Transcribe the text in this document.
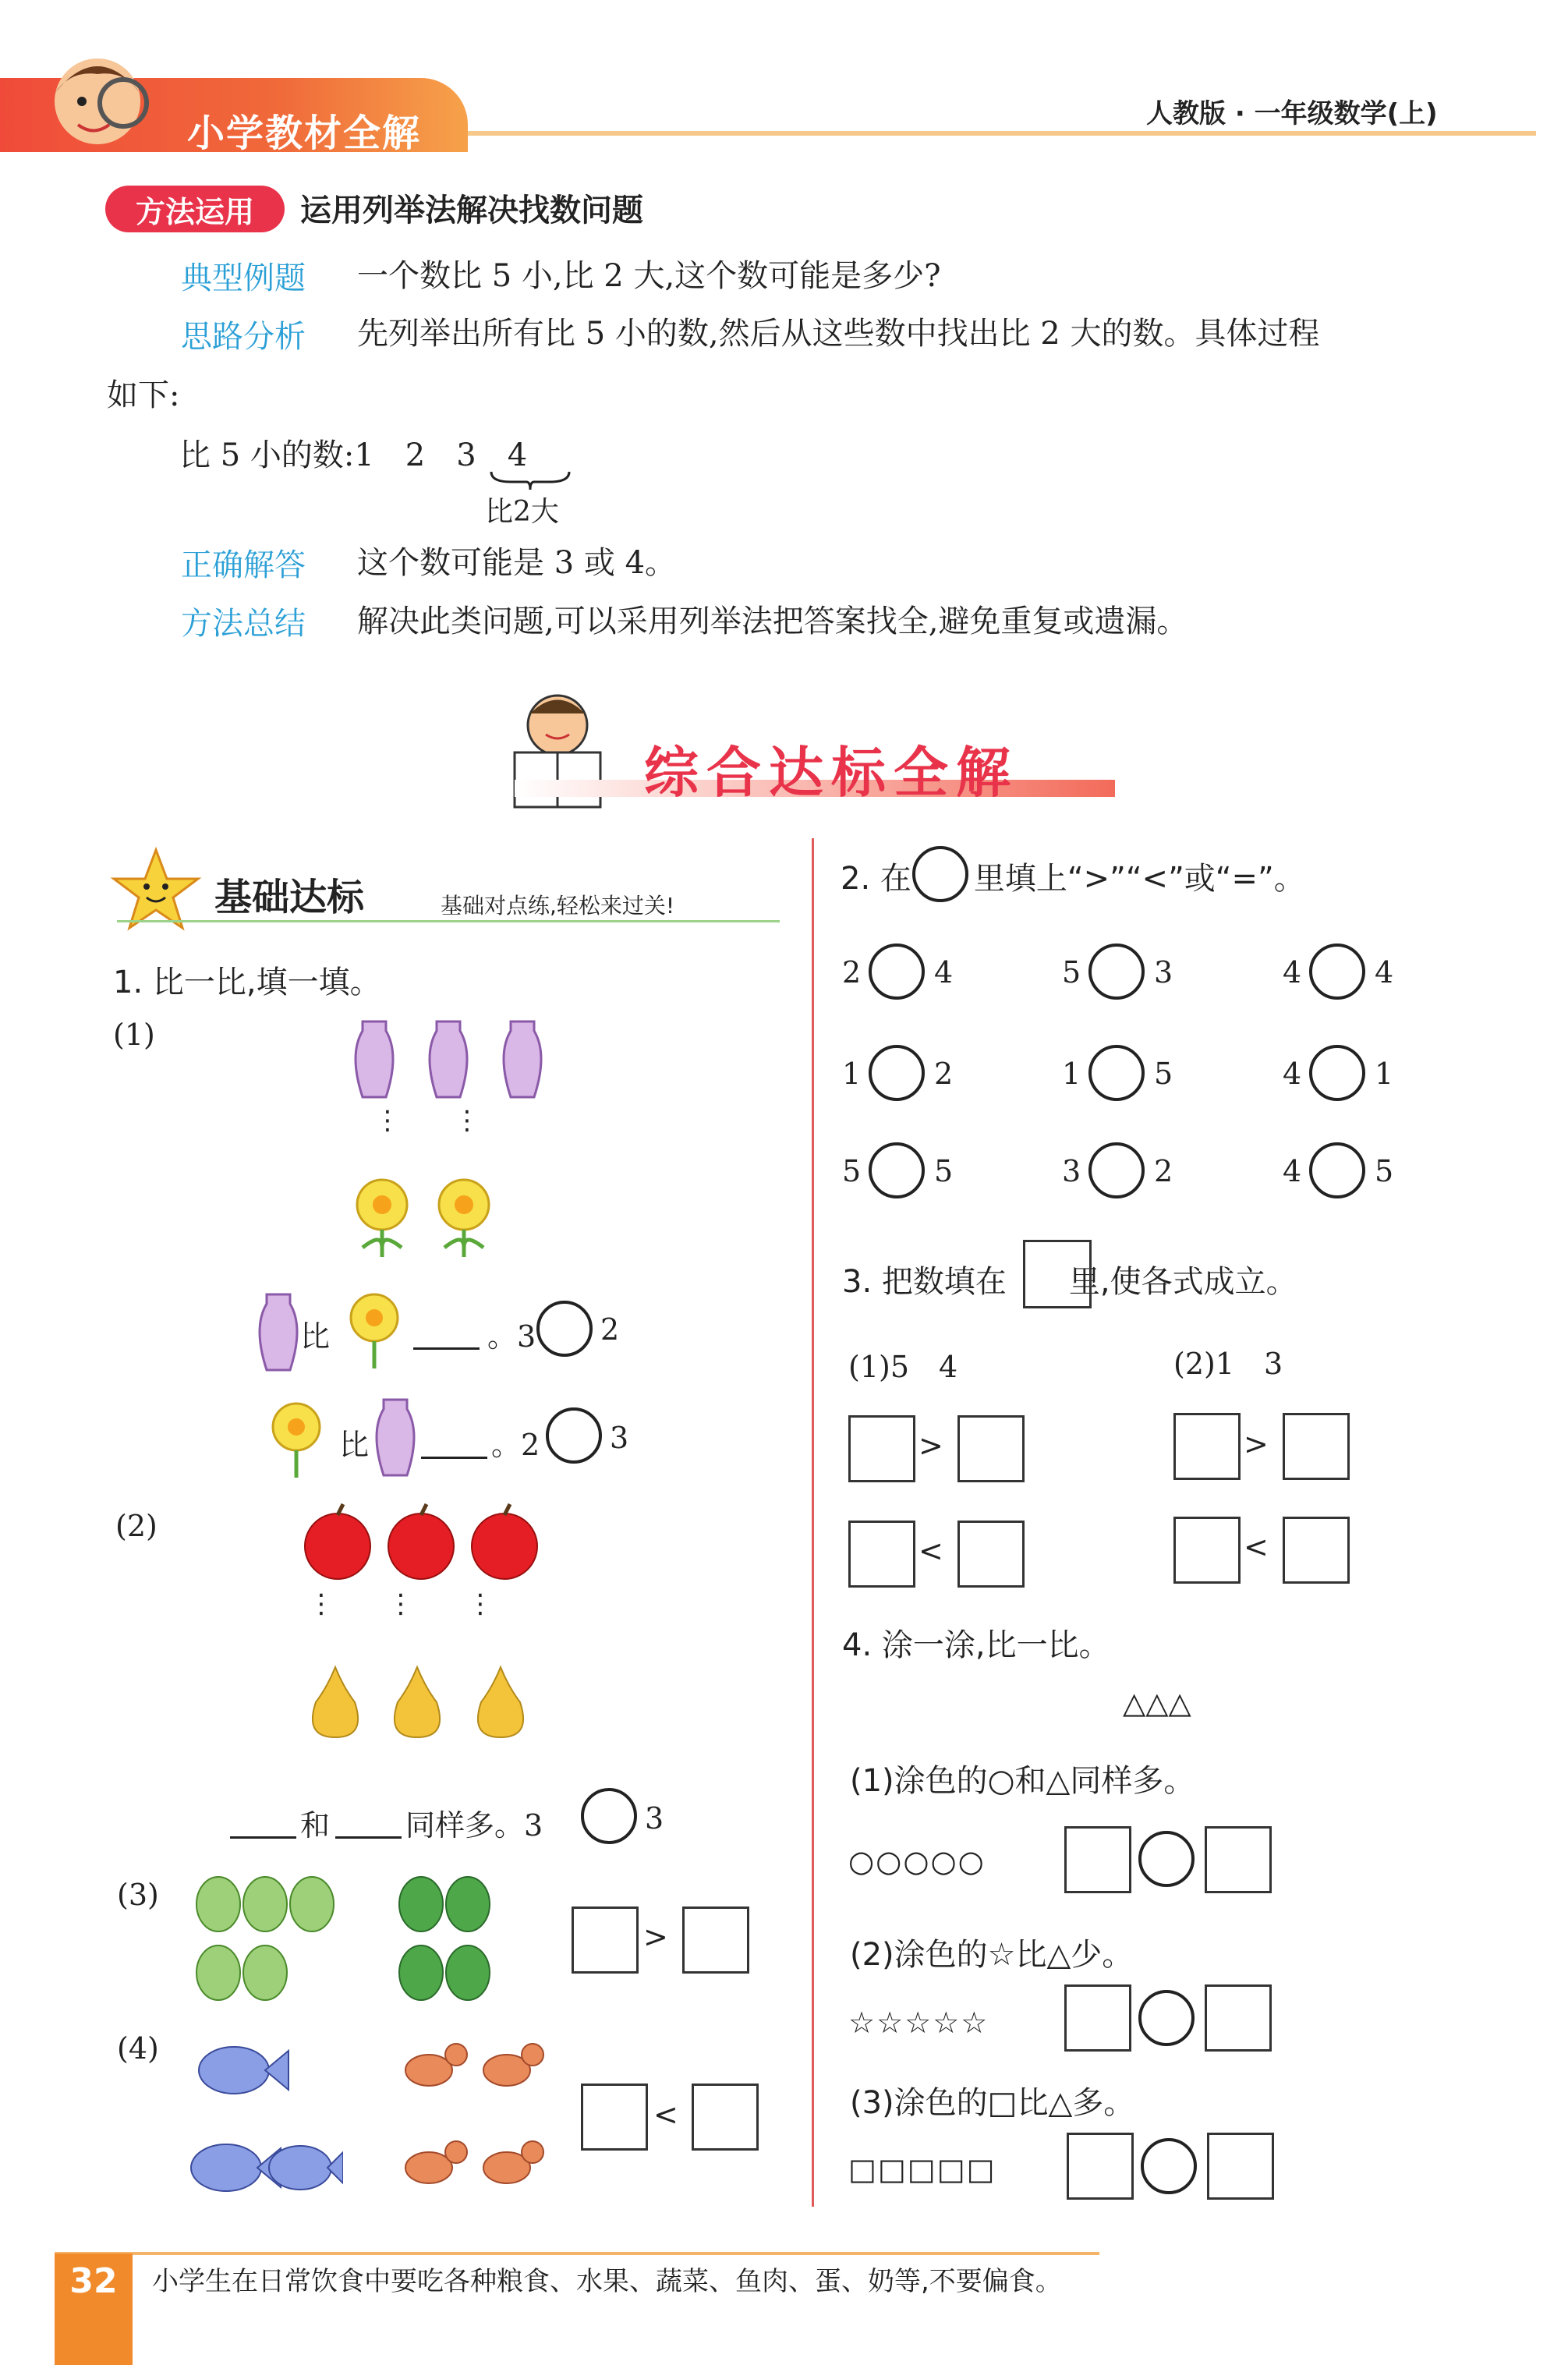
小学教材全解	人教版 · 一年级数学(上)
方法运用	运用列举法解决找数问题
典型例题 一个数比 5 小,比 2 大,这个数可能是多少?
思路分析 先列举出所有比 5 小的数,然后从这些数中找出比 2 大的数。具体过程
如下:
比 5 小的数:1　2　3　4
比2大
正确解答 这个数可能是 3 或 4。
方法总结 解决此类问题,可以采用列举法把答案找全,避免重复或遗漏。
综合达标全解
基础达标	基础对点练,轻松来过关!
1. 比一比,填一填。
(1)
⋮　　⋮
比	。3 2
比	。2 3
(2)
⋮　　⋮　　⋮
和	同样多。3	3
(3)
>
(4)
<
2. 在　　里填上“>”“<”或“=”。
2 4	5 3	4 4
1 2	1 5	4 1
5 5	3 2	4 5
3. 把数填在　　里,使各式成立。
(1)5　4	(2)1　3
>	>
<	<
4. 涂一涂,比一比。
△△△
(1)涂色的○和△同样多。
○○○○○
(2)涂色的☆比△少。
☆☆☆☆☆
(3)涂色的□比△多。
□□□□□
32	小学生在日常饮食中要吃各种粮食、水果、蔬菜、鱼肉、蛋、奶等,不要偏食。
